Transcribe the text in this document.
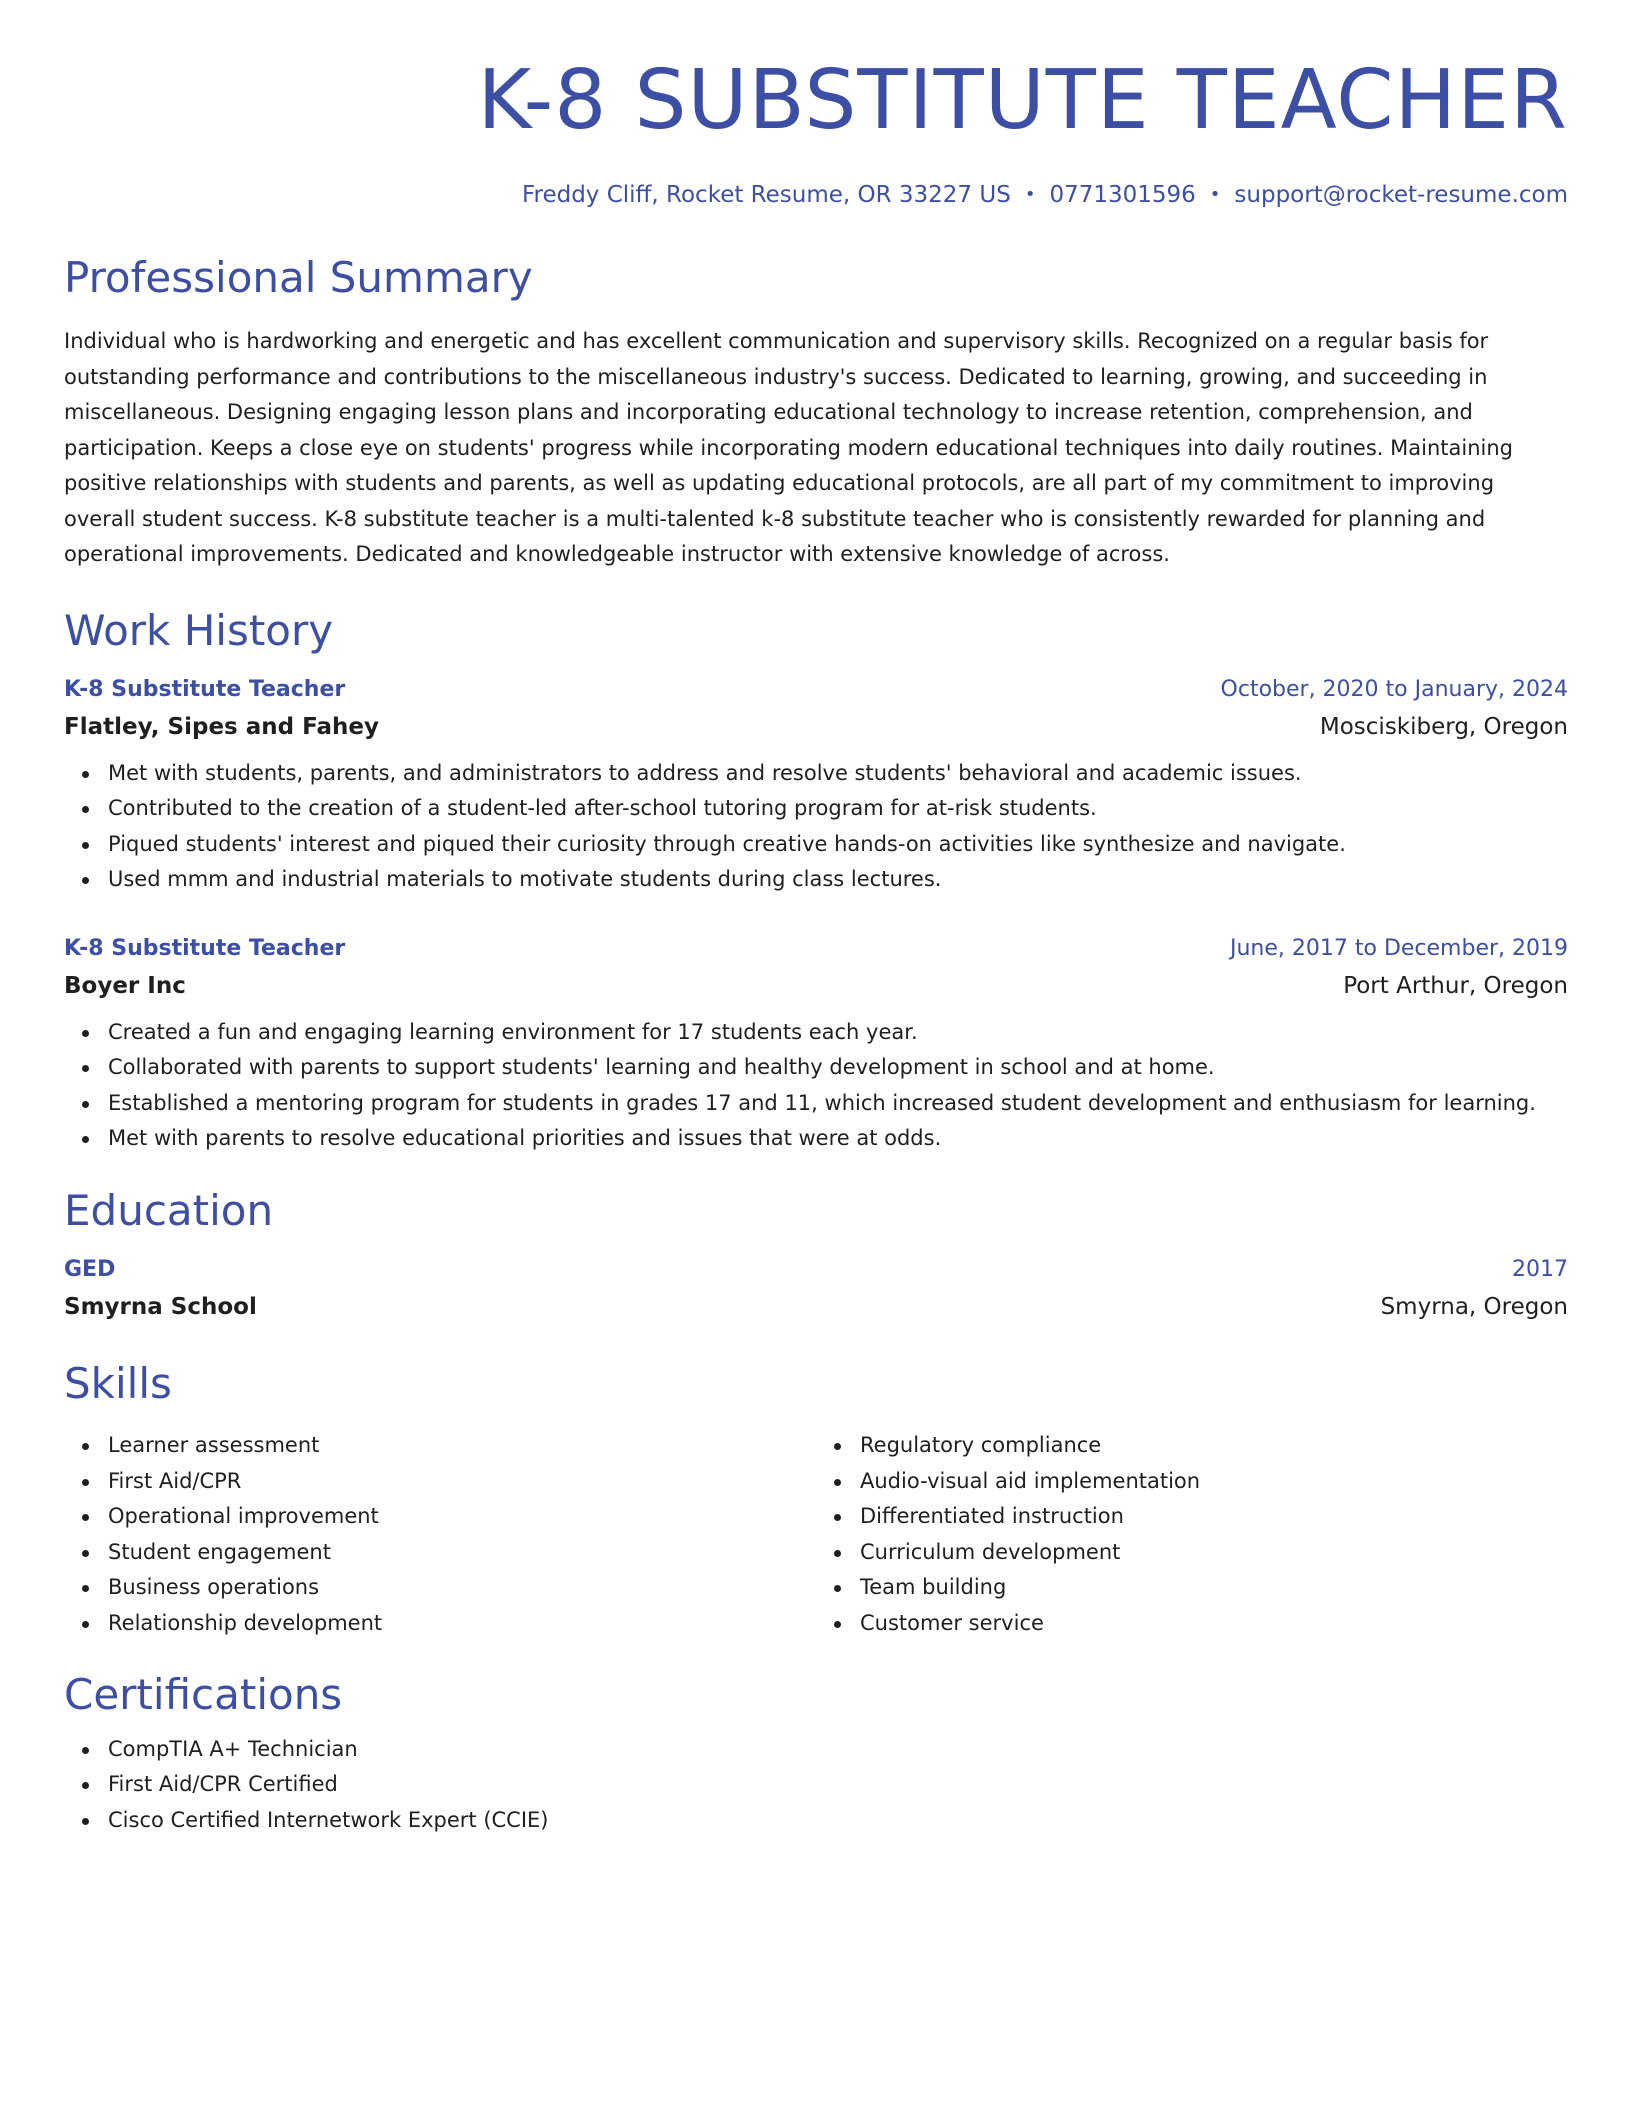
K-8 SUBSTITUTE TEACHER
Freddy Cliff, Rocket Resume, OR 33227 US • 0771301596 • support@rocket-resume.com
Professional Summary
Individual who is hardworking and energetic and has excellent communication and supervisory skills. Recognized on a regular basis for outstanding performance and contributions to the miscellaneous industry's success. Dedicated to learning, growing, and succeeding in miscellaneous. Designing engaging lesson plans and incorporating educational technology to increase retention, comprehension, and participation. Keeps a close eye on students' progress while incorporating modern educational techniques into daily routines. Maintaining positive relationships with students and parents, as well as updating educational protocols, are all part of my commitment to improving overall student success. K-8 substitute teacher is a multi-talented k-8 substitute teacher who is consistently rewarded for planning and operational improvements. Dedicated and knowledgeable instructor with extensive knowledge of across.
Work History
K-8 Substitute Teacher	October, 2020 to January, 2024
Flatley, Sipes and Fahey	Mosciskiberg, Oregon
Met with students, parents, and administrators to address and resolve students' behavioral and academic issues.
Contributed to the creation of a student-led after-school tutoring program for at-risk students.
Piqued students' interest and piqued their curiosity through creative hands-on activities like synthesize and navigate.
Used mmm and industrial materials to motivate students during class lectures.
K-8 Substitute Teacher	June, 2017 to December, 2019
Boyer Inc	Port Arthur, Oregon
Created a fun and engaging learning environment for 17 students each year.
Collaborated with parents to support students' learning and healthy development in school and at home.
Established a mentoring program for students in grades 17 and 11, which increased student development and enthusiasm for learning.
Met with parents to resolve educational priorities and issues that were at odds.
Education
GED	2017
Smyrna School	Smyrna, Oregon
Skills
Learner assessment
First Aid/CPR
Operational improvement
Student engagement
Business operations
Relationship development
Regulatory compliance
Audio-visual aid implementation
Differentiated instruction
Curriculum development
Team building
Customer service
Certifications
CompTIA A+ Technician
First Aid/CPR Certified
Cisco Certified Internetwork Expert (CCIE)
